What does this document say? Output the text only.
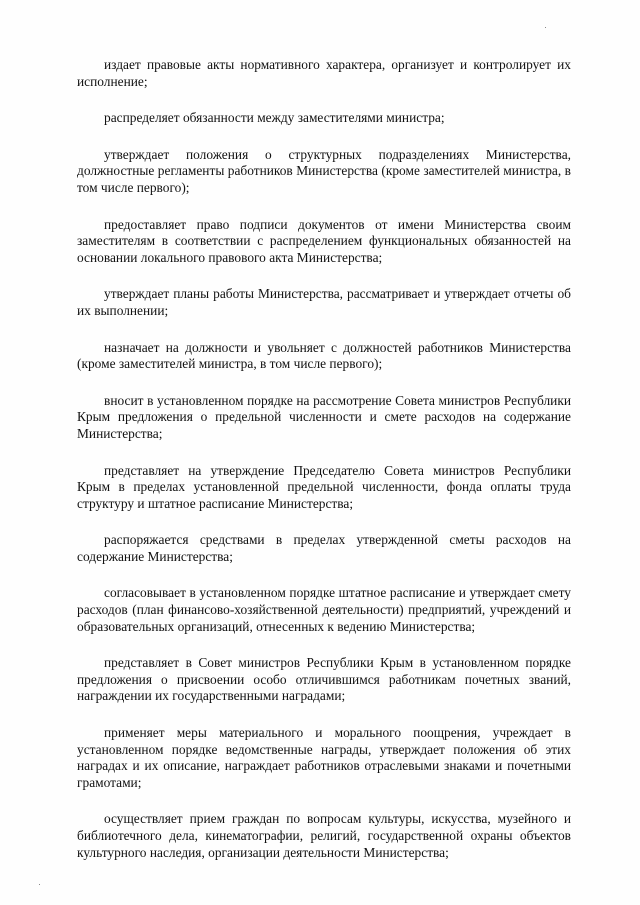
издает правовые акты нормативного характера, организует и контролирует их исполнение;

распределяет обязанности между заместителями министра;

утверждает положения о структурных подразделениях Министерства, должностные регламенты работников Министерства (кроме заместителей министра, в том числе первого);

предоставляет право подписи документов от имени Министерства своим заместителям в соответствии с распределением функциональных обязанностей на основании локального правового акта Министерства;

утверждает планы работы Министерства, рассматривает и утверждает отчеты об их выполнении;

назначает на должности и увольняет с должностей работников Министерства (кроме заместителей министра, в том числе первого);

вносит в установленном порядке на рассмотрение Совета министров Республики Крым предложения о предельной численности и смете расходов на содержание Министерства;

представляет на утверждение Председателю Совета министров Республики Крым в пределах установленной предельной численности, фонда оплаты труда структуру и штатное расписание Министерства;

распоряжается средствами в пределах утвержденной сметы расходов на содержание Министерства;

согласовывает в установленном порядке штатное расписание и утверждает смету расходов (план финансово-хозяйственной деятельности) предприятий, учреждений и образовательных организаций, отнесенных к ведению Министерства;

представляет в Совет министров Республики Крым в установленном порядке предложения о присвоении особо отличившимся работникам почетных званий, награждении их государственными наградами;

применяет меры материального и морального поощрения, учреждает в установленном порядке ведомственные награды, утверждает положения об этих наградах и их описание, награждает работников отраслевыми знаками и почетными грамотами;

осуществляет прием граждан по вопросам культуры, искусства, музейного и библиотечного дела, кинематографии, религий, государственной охраны объектов культурного наследия, организации деятельности Министерства;
